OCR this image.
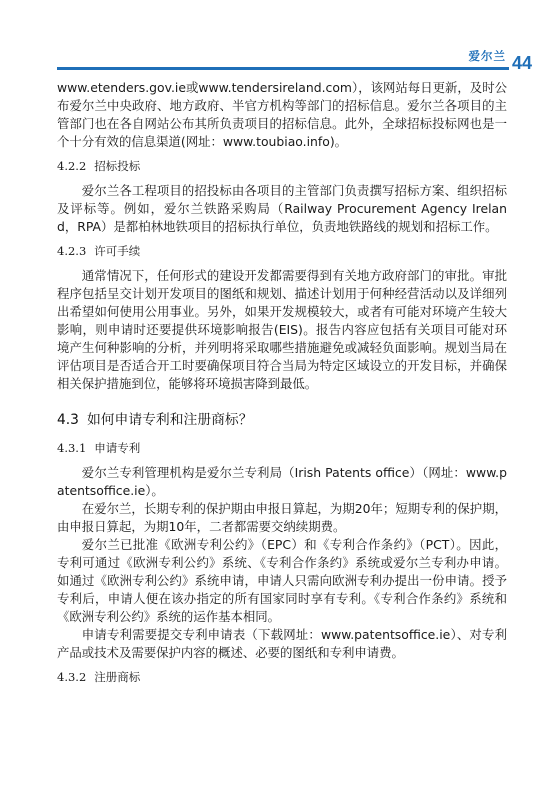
爱尔兰 44

www.etenders.gov.ie或www.tendersireland.com），该网站每日更新，及时公布爱尔兰中央政府、地方政府、半官方机构等部门的招标信息。爱尔兰各项目的主管部门也在各自网站公布其所负责项目的招标信息。此外，全球招标投标网也是一个十分有效的信息渠道(网址：www.toubiao.info)。

4.2.2 招标投标

爱尔兰各工程项目的招投标由各项目的主管部门负责撰写招标方案、组织招标及评标等。例如，爱尔兰铁路采购局（Railway Procurement Agency Ireland，RPA）是都柏林地铁项目的招标执行单位，负责地铁路线的规划和招标工作。

4.2.3 许可手续

通常情况下，任何形式的建设开发都需要得到有关地方政府部门的审批。审批程序包括呈交计划开发项目的图纸和规划、描述计划用于何种经营活动以及详细列出希望如何使用公用事业。另外，如果开发规模较大，或者有可能对环境产生较大影响，则申请时还要提供环境影响报告(EIS)。报告内容应包括有关项目可能对环境产生何种影响的分析，并列明将采取哪些措施避免或减轻负面影响。规划当局在评估项目是否适合开工时要确保项目符合当局为特定区域设立的开发目标，并确保相关保护措施到位，能够将环境损害降到最低。

4.3 如何申请专利和注册商标？
4.3.1 申请专利

爱尔兰专利管理机构是爱尔兰专利局（Irish Patents office）（网址：www.patentsoffice.ie）。

在爱尔兰，长期专利的保护期由申报日算起，为期20年；短期专利的保护期，由申报日算起，为期10年，二者都需要交纳续期费。

爱尔兰已批准《欧洲专利公约》（EPC）和《专利合作条约》（PCT）。因此，专利可通过《欧洲专利公约》系统、《专利合作条约》系统或爱尔兰专利办申请。如通过《欧洲专利公约》系统申请，申请人只需向欧洲专利办提出一份申请。授予专利后，申请人便在该办指定的所有国家同时享有专利。《专利合作条约》系统和《欧洲专利公约》系统的运作基本相同。

申请专利需要提交专利申请表（下载网址：www.patentsoffice.ie）、对专利产品或技术及需要保护内容的概述、必要的图纸和专利申请费。

4.3.2 注册商标
